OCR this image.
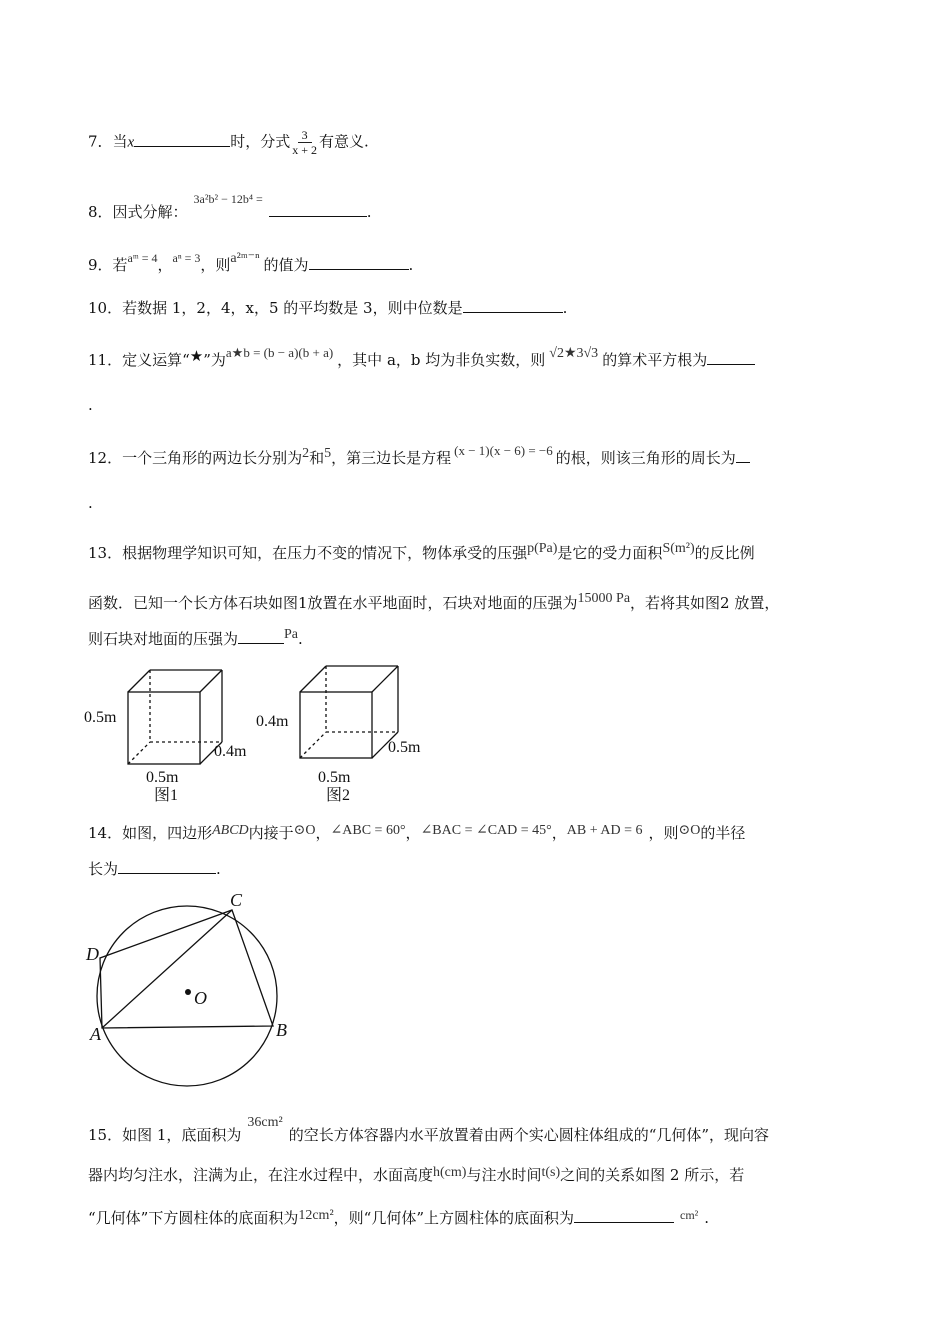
7．当x	时，分式 $\frac{3}{x + 2}$ 有意义.
8．因式分解：$^{3a^2b^2 - 12b^4 =}$.
9．若$^{aᵐ = 4}$，$^{a^n = 3}$，则a²ᵐ⁻ⁿ 的值为	.
10．若数据 1，2，4，x，5 的平均数是 3，则中位数是	.
11．定义运算“★”为a★b = (b − a)(b + a) ，其中 a，b 均为非负实数，则 √2★3√3 的算术平方根为
.
12．一个三角形的两边长分别为2和5，第三边长是方程 (x − 1)(x − 6) = −6 的根，则该三角形的周长为
.
13．根据物理学知识可知，在压力不变的情况下，物体承受的压强p(Pa)是它的受力面积S(m²)的反比例
函数．已知一个长方体石块如图1放置在水平地面时，石块对地面的压强为15000 Pa，若将其如图2 放置，
则石块对地面的压强为	Pa.
0.5m
0.5m
0.4m
图1
0.4m
0.5m
0.5m
图2
14．如图，四边形ABCD内接于⊙O，∠ABC = 60°，∠BAC = ∠CAD = 45°，AB + AD = 6 ，则⊙O的半径
长为	.
A	B
C
D
O
15．如图 1，底面积为36cm²的空长方体容器内水平放置着由两个实心圆柱体组成的“几何体”，现向容
器内均匀注水，注满为止，在注水过程中，水面高度h(cm)与注水时间t(s)之间的关系如图 2 所示，若
“几何体”下方圆柱体的底面积为12cm²，则“几何体”上方圆柱体的底面积为	$^{cm^2}$ .
